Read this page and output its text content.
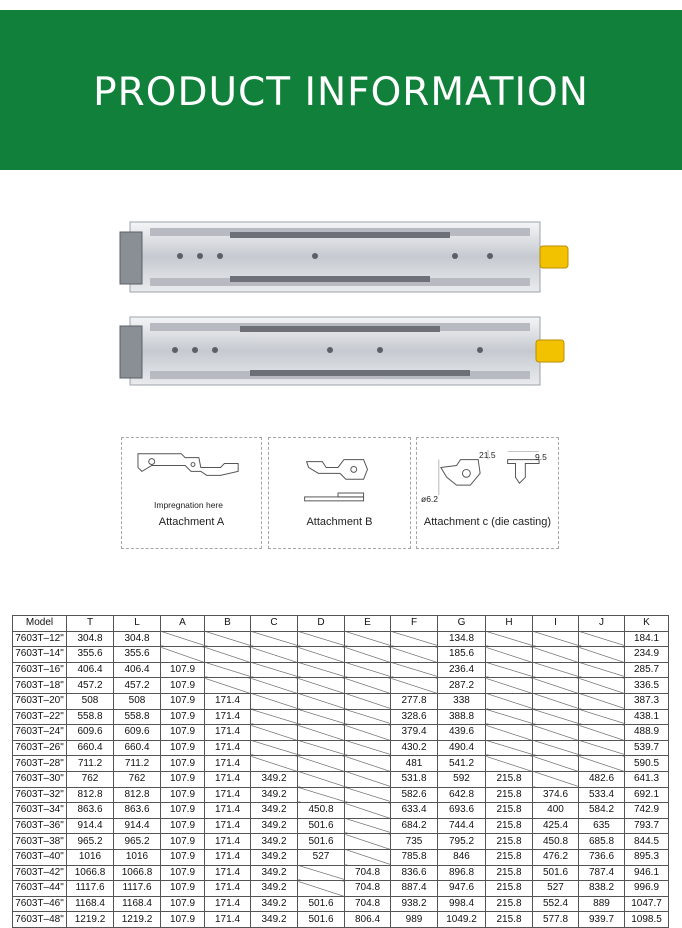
PRODUCT INFORMATION
Impregnation here
Attachment A	Attachment B
21.5	9.5
ø6.2
Attachment c (die casting)
Model	T	L	A	B	C	D	E	F	G	H	I	J	K
7603T–12"	304.8	304.8							134.8				184.1
7603T–14"	355.6	355.6							185.6				234.9
7603T–16"	406.4	406.4	107.9						236.4				285.7
7603T–18"	457.2	457.2	107.9						287.2				336.5
7603T–20"	508	508	107.9	171.4				277.8	338				387.3
7603T–22"	558.8	558.8	107.9	171.4				328.6	388.8				438.1
7603T–24"	609.6	609.6	107.9	171.4				379.4	439.6				488.9
7603T–26"	660.4	660.4	107.9	171.4				430.2	490.4				539.7
7603T–28"	711.2	711.2	107.9	171.4				481	541.2				590.5
7603T–30"	762	762	107.9	171.4	349.2			531.8	592	215.8		482.6	641.3
7603T–32"	812.8	812.8	107.9	171.4	349.2			582.6	642.8	215.8	374.6	533.4	692.1
7603T–34"	863.6	863.6	107.9	171.4	349.2	450.8		633.4	693.6	215.8	400	584.2	742.9
7603T–36"	914.4	914.4	107.9	171.4	349.2	501.6		684.2	744.4	215.8	425.4	635	793.7
7603T–38"	965.2	965.2	107.9	171.4	349.2	501.6		735	795.2	215.8	450.8	685.8	844.5
7603T–40"	1016	1016	107.9	171.4	349.2	527		785.8	846	215.8	476.2	736.6	895.3
7603T–42"	1066.8	1066.8	107.9	171.4	349.2		704.8	836.6	896.8	215.8	501.6	787.4	946.1
7603T–44"	1117.6	1117.6	107.9	171.4	349.2		704.8	887.4	947.6	215.8	527	838.2	996.9
7603T–46"	1168.4	1168.4	107.9	171.4	349.2	501.6	704.8	938.2	998.4	215.8	552.4	889	1047.7
7603T–48"	1219.2	1219.2	107.9	171.4	349.2	501.6	806.4	989	1049.2	215.8	577.8	939.7	1098.5
